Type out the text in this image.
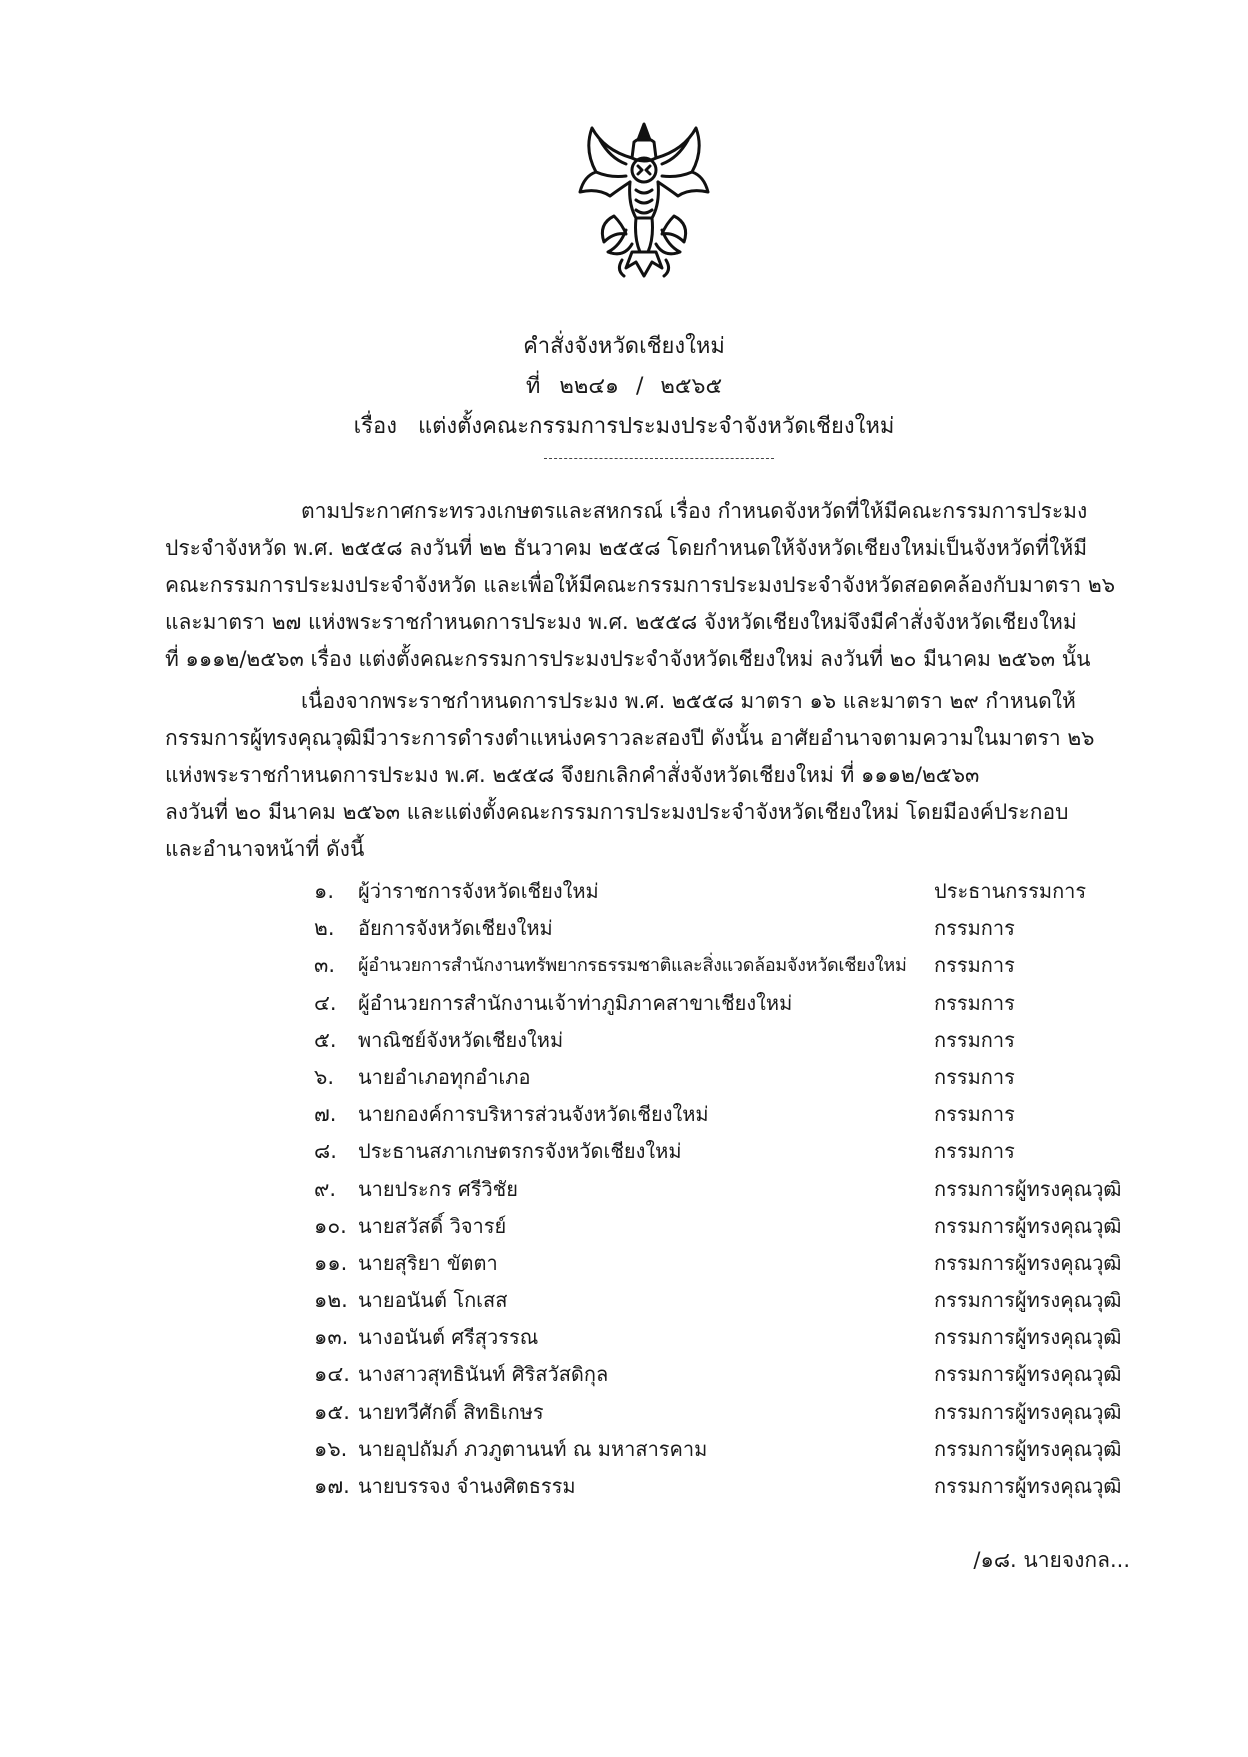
คำสั่งจังหวัดเชียงใหม่
ที่ ๒๒๔๑ / ๒๕๖๕
เรื่อง แต่งตั้งคณะกรรมการประมงประจำจังหวัดเชียงใหม่
ตามประกาศกระทรวงเกษตรและสหกรณ์ เรื่อง กำหนดจังหวัดที่ให้มีคณะกรรมการประมง
ประจำจังหวัด พ.ศ. ๒๕๕๘ ลงวันที่ ๒๒ ธันวาคม ๒๕๕๘ โดยกำหนดให้จังหวัดเชียงใหม่เป็นจังหวัดที่ให้มี
คณะกรรมการประมงประจำจังหวัด และเพื่อให้มีคณะกรรมการประมงประจำจังหวัดสอดคล้องกับมาตรา ๒๖
และมาตรา ๒๗ แห่งพระราชกำหนดการประมง พ.ศ. ๒๕๕๘ จังหวัดเชียงใหม่จึงมีคำสั่งจังหวัดเชียงใหม่
ที่ ๑๑๑๒/๒๕๖๓ เรื่อง แต่งตั้งคณะกรรมการประมงประจำจังหวัดเชียงใหม่ ลงวันที่ ๒๐ มีนาคม ๒๕๖๓ นั้น
เนื่องจากพระราชกำหนดการประมง พ.ศ. ๒๕๕๘ มาตรา ๑๖ และมาตรา ๒๙ กำหนดให้
กรรมการผู้ทรงคุณวุฒิมีวาระการดำรงตำแหน่งคราวละสองปี ดังนั้น อาศัยอำนาจตามความในมาตรา ๒๖
แห่งพระราชกำหนดการประมง พ.ศ. ๒๕๕๘ จึงยกเลิกคำสั่งจังหวัดเชียงใหม่ ที่ ๑๑๑๒/๒๕๖๓
ลงวันที่ ๒๐ มีนาคม ๒๕๖๓ และแต่งตั้งคณะกรรมการประมงประจำจังหวัดเชียงใหม่ โดยมีองค์ประกอบ
และอำนาจหน้าที่ ดังนี้
๑. ผู้ว่าราชการจังหวัดเชียงใหม่	ประธานกรรมการ
๒. อัยการจังหวัดเชียงใหม่	กรรมการ
๓. ผู้อำนวยการสำนักงานทรัพยากรธรรมชาติและสิ่งแวดล้อมจังหวัดเชียงใหม่ กรรมการ
๔. ผู้อำนวยการสำนักงานเจ้าท่าภูมิภาคสาขาเชียงใหม่	กรรมการ
๕. พาณิชย์จังหวัดเชียงใหม่	กรรมการ
๖. นายอำเภอทุกอำเภอ	กรรมการ
๗. นายกองค์การบริหารส่วนจังหวัดเชียงใหม่	กรรมการ
๘. ประธานสภาเกษตรกรจังหวัดเชียงใหม่	กรรมการ
๙. นายประกร ศรีวิชัย	กรรมการผู้ทรงคุณวุฒิ
๑๐. นายสวัสดิ์ วิจารย์	กรรมการผู้ทรงคุณวุฒิ
๑๑. นายสุริยา ขัตตา	กรรมการผู้ทรงคุณวุฒิ
๑๒. นายอนันต์ โกเสส	กรรมการผู้ทรงคุณวุฒิ
๑๓. นางอนันต์ ศรีสุวรรณ	กรรมการผู้ทรงคุณวุฒิ
๑๔. นางสาวสุทธินันท์ ศิริสวัสดิกุล	กรรมการผู้ทรงคุณวุฒิ
๑๕. นายทวีศักดิ์ สิทธิเกษร	กรรมการผู้ทรงคุณวุฒิ
๑๖. นายอุปถัมภ์ ภวภูตานนท์ ณ มหาสารคาม	กรรมการผู้ทรงคุณวุฒิ
๑๗. นายบรรจง จำนงศิตธรรม	กรรมการผู้ทรงคุณวุฒิ
/๑๘. นายจงกล...
